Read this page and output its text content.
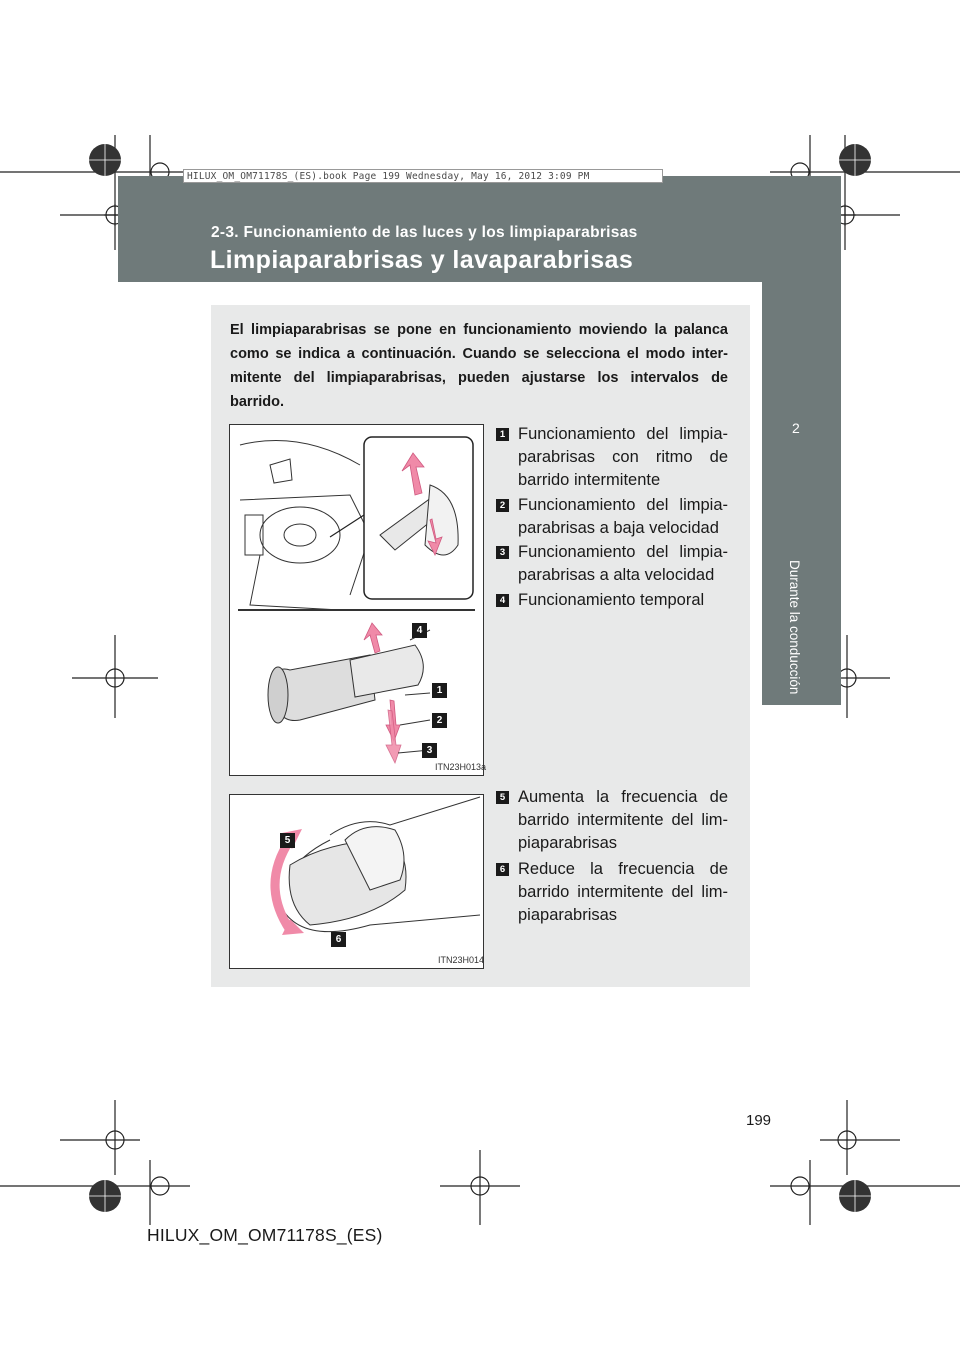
HILUX_OM_OM71178S_(ES).book Page 199 Wednesday, May 16, 2012 3:09 PM
2-3. Funcionamiento de las luces y los limpiaparabrisas
Limpiaparabrisas y lavaparabrisas
2
Durante la conducción
El limpiaparabrisas se pone en funcionamiento moviendo la palanca como se indica a continuación. Cuando se selecciona el modo inter-mitente del limpiaparabrisas, pueden ajustarse los intervalos de barrido.
4
1
2
3
ITN23H013a
5
6
ITN23H014
1 Funcionamiento del limpia-parabrisas con ritmo de barrido intermitente
2 Funcionamiento del limpia-parabrisas a baja velocidad
3 Funcionamiento del limpia-parabrisas a alta velocidad
4 Funcionamiento temporal
5 Aumenta la frecuencia de barrido intermitente del lim-piaparabrisas
6 Reduce la frecuencia de barrido intermitente del lim-piaparabrisas
199
HILUX_OM_OM71178S_(ES)
